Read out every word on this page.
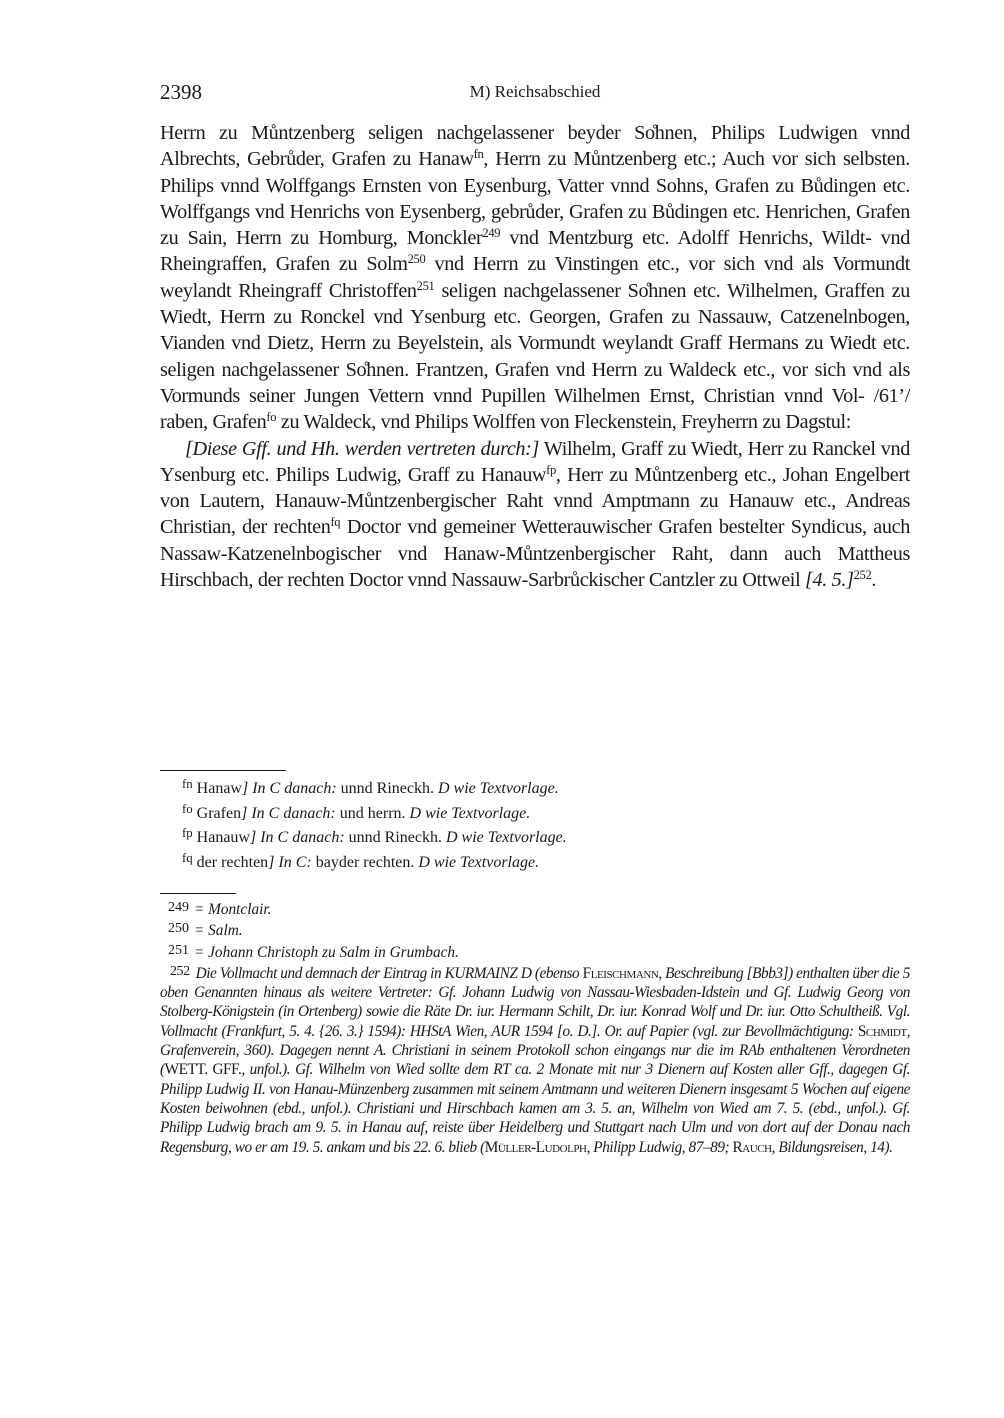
2398	M) Reichsabschied

Herrn zu Můntzenberg seligen nachgelassener beyder So̊hnen, Philips Ludwigen vnnd Albrechts, Gebrůder, Grafen zu Hanaw$^{fn}$, Herrn zu Můntzenberg etc.; Auch vor sich selbsten. Philips vnnd Wolffgangs Ernsten von Eysenburg, Vatter vnnd Sohns, Grafen zu Bůdingen etc. Wolffgangs vnd Henrichs von Eysenberg, gebrůder, Grafen zu Bůdingen etc. Henrichen, Grafen zu Sain, Herrn zu Homburg, Monckler$^{249}$ vnd Mentzburg etc. Adolff Henrichs, Wildt- vnd Rheingraffen, Grafen zu Solm$^{250}$ vnd Herrn zu Vinstingen etc., vor sich vnd als Vormundt weylandt Rheingraff Christoffen$^{251}$ seligen nachgelassener So̊hnen etc. Wilhelmen, Graffen zu Wiedt, Herrn zu Ronckel vnd Ysenburg etc. Georgen, Grafen zu Nassauw, Catzenelnbogen, Vianden vnd Dietz, Herrn zu Beyelstein, als Vormundt weylandt Graff Hermans zu Wiedt etc. seligen nachgelassener So̊hnen. Frantzen, Grafen vnd Herrn zu Waldeck etc., vor sich vnd als Vormunds seiner Jungen Vettern vnnd Pupillen Wilhelmen Ernst, Christian vnnd Vol- /61’/ raben, Grafen$^{fo}$ zu Waldeck, vnd Philips Wolffen von Fleckenstein, Freyherrn zu Dagstul:

[Diese Gff. und Hh. werden vertreten durch:] Wilhelm, Graff zu Wiedt, Herr zu Ranckel vnd Ysenburg etc. Philips Ludwig, Graff zu Hanauw$^{fp}$, Herr zu Můntzenberg etc., Johan Engelbert von Lautern, Hanauw-Můntzenbergischer Raht vnnd Amptmann zu Hanauw etc., Andreas Christian, der rechten$^{fq}$ Doctor vnd gemeiner Wetterauwischer Grafen bestelter Syndicus, auch Nassaw-Katzenelnbogischer vnd Hanaw-Můntzenbergischer Raht, dann auch Mattheus Hirschbach, der rechten Doctor vnnd Nassauw-Sarbrůckischer Cantzler zu Ottweil [4. 5.]$^{252}$.

$^{fn}$ Hanaw] In C danach: unnd Rineckh. D wie Textvorlage.
$^{fo}$ Grafen] In C danach: und herrn. D wie Textvorlage.
$^{fp}$ Hanauw] In C danach: unnd Rineckh. D wie Textvorlage.
$^{fq}$ der rechten] In C: bayder rechten. D wie Textvorlage.
249 = Montclair.
250 = Salm.
251 = Johann Christoph zu Salm in Grumbach.
252 Die Vollmacht und demnach der Eintrag in KURMAINZ D (ebenso Fleischmann, Beschreibung [Bbb3]) enthalten über die 5 oben Genannten hinaus als weitere Vertreter: Gf. Johann Ludwig von Nassau-Wiesbaden-Idstein und Gf. Ludwig Georg von Stolberg-Königstein (in Ortenberg) sowie die Räte Dr. iur. Hermann Schilt, Dr. iur. Konrad Wolf und Dr. iur. Otto Schultheiß. Vgl. Vollmacht (Frankfurt, 5. 4. {26. 3.} 1594): HHStA Wien, AUR 1594 [o. D.]. Or. auf Papier (vgl. zur Bevollmächtigung: Schmidt, Grafenverein, 360). Dagegen nennt A. Christiani in seinem Protokoll schon eingangs nur die im RAb enthaltenen Verordneten (WETT. GFF., unfol.). Gf. Wilhelm von Wied sollte dem RT ca. 2 Monate mit nur 3 Dienern auf Kosten aller Gff., dagegen Gf. Philipp Ludwig II. von Hanau-Münzenberg zusammen mit seinem Amtmann und weiteren Dienern insgesamt 5 Wochen auf eigene Kosten beiwohnen (ebd., unfol.). Christiani und Hirschbach kamen am 3. 5. an, Wilhelm von Wied am 7. 5. (ebd., unfol.). Gf. Philipp Ludwig brach am 9. 5. in Hanau auf, reiste über Heidelberg und Stuttgart nach Ulm und von dort auf der Donau nach Regensburg, wo er am 19. 5. ankam und bis 22. 6. blieb (Müller-Ludolph, Philipp Ludwig, 87–89; Rauch, Bildungsreisen, 14).
